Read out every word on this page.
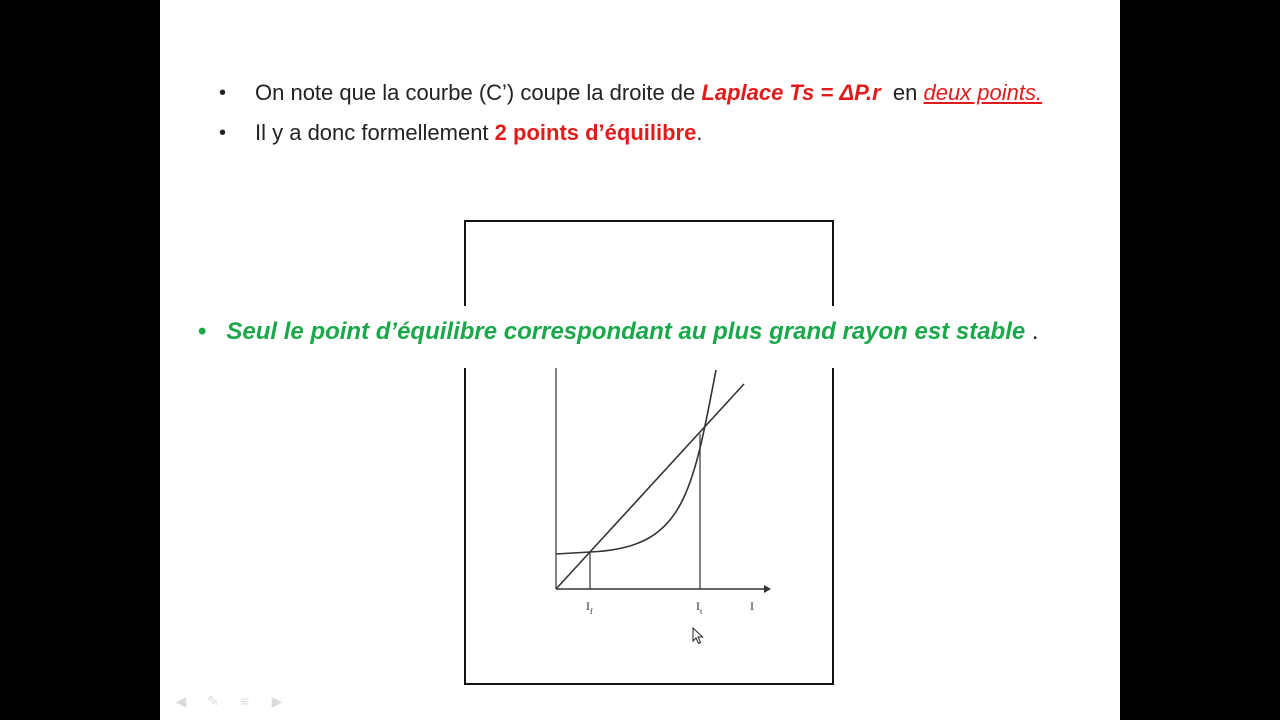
• On note que la courbe (C’) coupe la droite de Laplace Ts = ΔP.r  en deux points.
• Il y a donc formellement 2 points d’équilibre.
$I_f$	$I_t$	I
• Seul le point d’équilibre correspondant au plus grand rayon est stable .
◀ ✎	≡	▶
